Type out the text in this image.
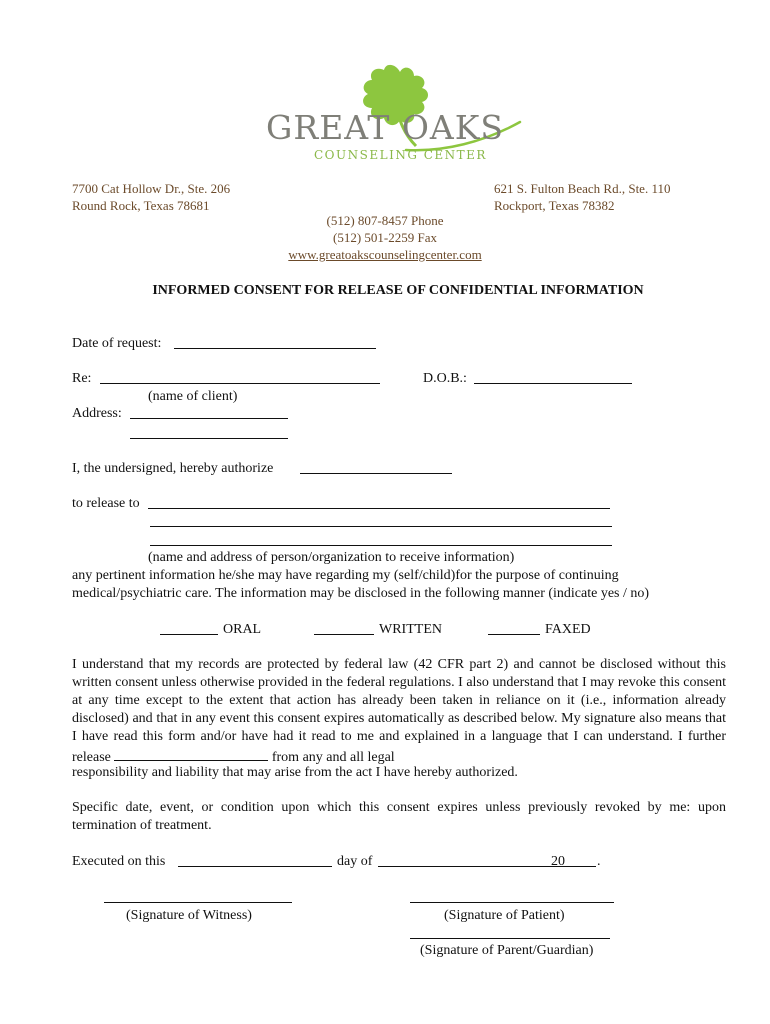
GREAT OAKS
COUNSELING CENTER
7700 Cat Hollow Dr., Ste. 206
Round Rock, Texas 78681
621 S. Fulton Beach Rd., Ste. 110
Rockport, Texas 78382
(512) 807-8457 Phone
(512) 501-2259 Fax
www.greatoakscounselingcenter.com
INFORMED CONSENT FOR RELEASE OF CONFIDENTIAL INFORMATION
Date of request:
Re:
(name of client)
D.O.B.:
Address:
I, the undersigned, hereby authorize
to release to
(name and address of person/organization to receive information)
any pertinent information he/she may have regarding my (self/child)for the purpose of continuing
medical/psychiatric care. The information may be disclosed in the following manner (indicate yes / no)
ORAL	WRITTEN	FAXED
I understand that my records are protected by federal law (42 CFR part 2) and cannot be disclosed without this written consent unless otherwise provided in the federal regulations. I also understand that I may revoke this consent at any time except to the extent that action has already been taken in reliance on it (i.e., information already disclosed) and that in any event this consent expires automatically as described below. My signature also means that I have read this form and/or have had it read to me and explained in a language that I can understand. I further release	from any and all legal
responsibility and liability that may arise from the act I have hereby authorized.
Specific date, event, or condition upon which this consent expires unless previously revoked by me: upon termination of treatment.
Executed on this	day of	20 .
(Signature of Witness)	(Signature of Patient)
(Signature of Parent/Guardian)
